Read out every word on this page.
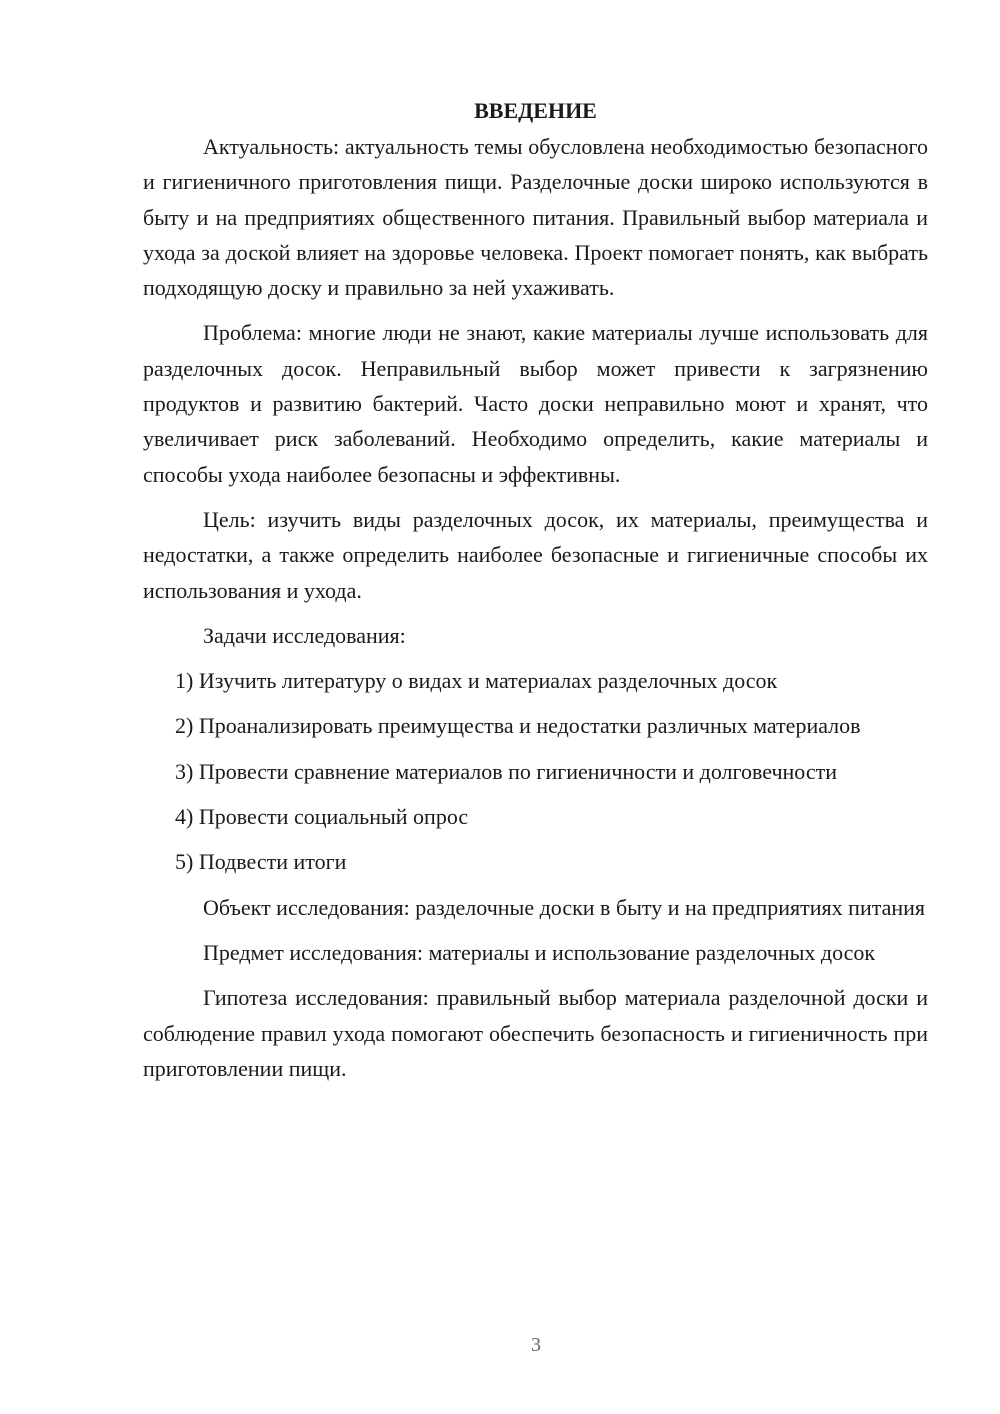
ВВЕДЕНИЕ

Актуальность: актуальность темы обусловлена необходимостью безопасного и гигиеничного приготовления пищи. Разделочные доски широко используются в быту и на предприятиях общественного питания. Правильный выбор материала и ухода за доской влияет на здоровье человека. Проект помогает понять, как выбрать подходящую доску и правильно за ней ухаживать.

Проблема: многие люди не знают, какие материалы лучше использовать для разделочных досок. Неправильный выбор может привести к загрязнению продуктов и развитию бактерий. Часто доски неправильно моют и хранят, что увеличивает риск заболеваний. Необходимо определить, какие материалы и способы ухода наиболее безопасны и эффективны.

Цель: изучить виды разделочных досок, их материалы, преимущества и недостатки, а также определить наиболее безопасные и гигиеничные способы их использования и ухода.

Задачи исследования:

1) Изучить литературу о видах и материалах разделочных досок

2) Проанализировать преимущества и недостатки различных материалов

3) Провести сравнение материалов по гигиеничности и долговечности

4) Провести социальный опрос

5) Подвести итоги

Объект исследования: разделочные доски в быту и на предприятиях питания

Предмет исследования: материалы и использование разделочных досок

Гипотеза исследования: правильный выбор материала разделочной доски и соблюдение правил ухода помогают обеспечить безопасность и гигиеничность при приготовлении пищи.

3
